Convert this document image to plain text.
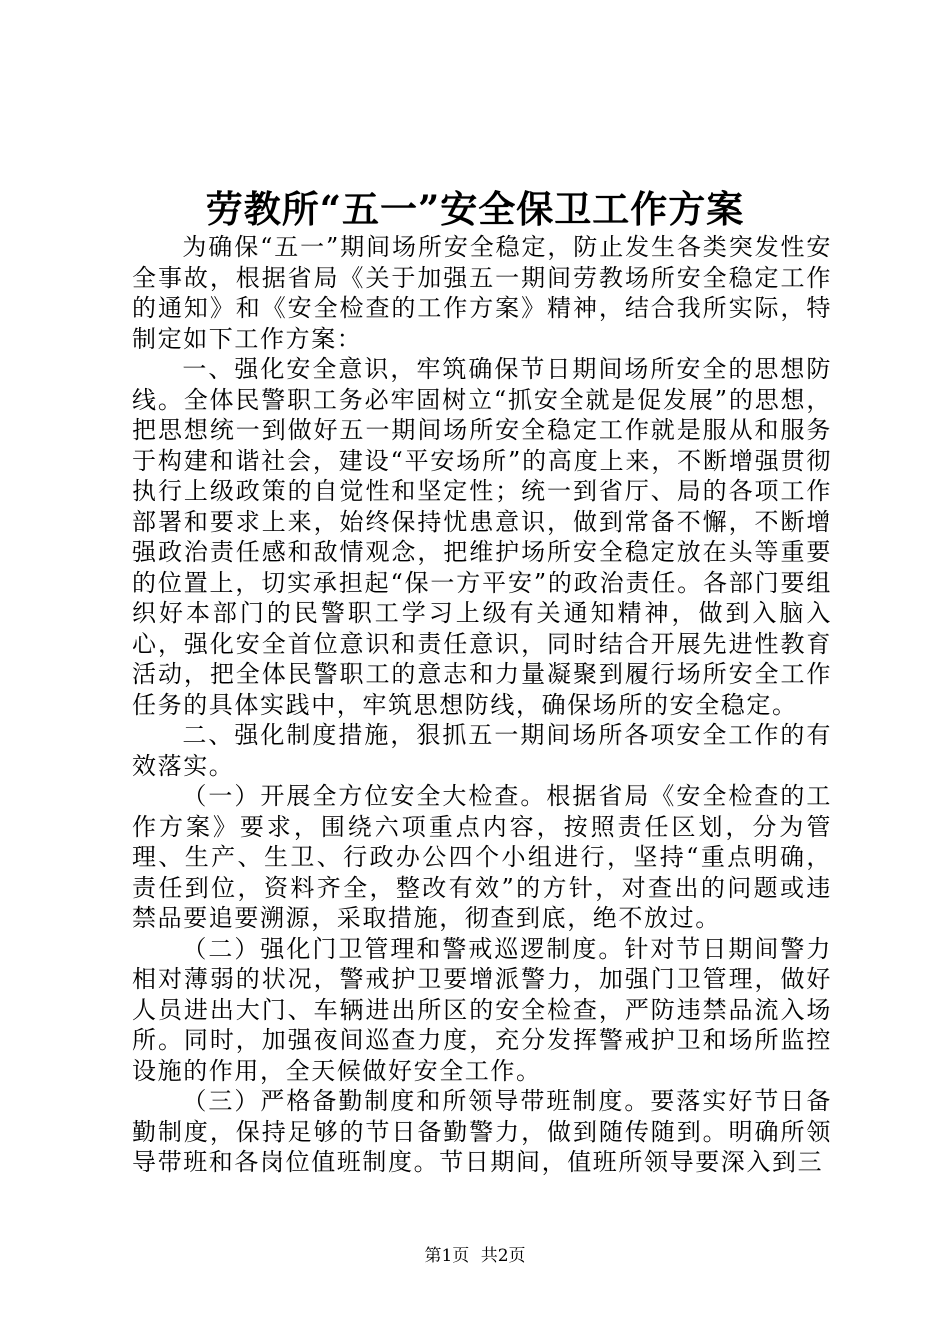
劳教所“五一”安全保卫工作方案

为确保“五一”期间场所安全稳定，防止发生各类突发性安全事故，根据省局《关于加强五一期间劳教场所安全稳定工作的通知》和《安全检查的工作方案》精神，结合我所实际，特制定如下工作方案：

一、强化安全意识，牢筑确保节日期间场所安全的思想防线。全体民警职工务必牢固树立“抓安全就是促发展”的思想，把思想统一到做好五一期间场所安全稳定工作就是服从和服务于构建和谐社会，建设“平安场所”的高度上来，不断增强贯彻执行上级政策的自觉性和坚定性；统一到省厅、局的各项工作部署和要求上来，始终保持忧患意识，做到常备不懈，不断增强政治责任感和敌情观念，把维护场所安全稳定放在头等重要的位置上，切实承担起“保一方平安”的政治责任。各部门要组织好本部门的民警职工学习上级有关通知精神，做到入脑入心，强化安全首位意识和责任意识，同时结合开展先进性教育活动，把全体民警职工的意志和力量凝聚到履行场所安全工作任务的具体实践中，牢筑思想防线，确保场所的安全稳定。

二、强化制度措施，狠抓五一期间场所各项安全工作的有效落实。

（一）开展全方位安全大检查。根据省局《安全检查的工作方案》要求，围绕六项重点内容，按照责任区划，分为管理、生产、生卫、行政办公四个小组进行，坚持“重点明确，责任到位，资料齐全，整改有效”的方针，对查出的问题或违禁品要追要溯源，采取措施，彻查到底，绝不放过。

（二）强化门卫管理和警戒巡逻制度。针对节日期间警力相对薄弱的状况，警戒护卫要增派警力，加强门卫管理，做好人员进出大门、车辆进出所区的安全检查，严防违禁品流入场所。同时，加强夜间巡查力度，充分发挥警戒护卫和场所监控设施的作用，全天候做好安全工作。

（三）严格备勤制度和所领导带班制度。要落实好节日备勤制度，保持足够的节日备勤警力，做到随传随到。明确所领导带班和各岗位值班制度。节日期间，值班所领导要深入到三

第1页 共2页
